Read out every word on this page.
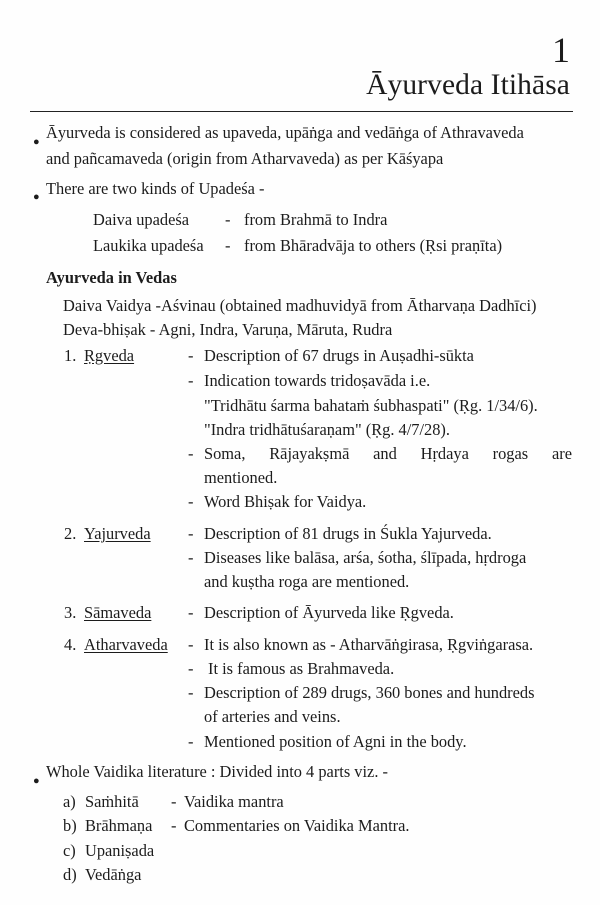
1
Āyurveda Itihāsa
● Āyurveda is considered as upaveda, upāṅga and vedāṅga of Athravaveda
and pañcamaveda (origin from Atharvaveda) as per Kāśyapa
● There are two kinds of Upadeśa -
Daiva upadeśa - from Brahmā to Indra
Laukika upadeśa - from Bhāradvāja to others (Ṛsi praṇīta)
Ayurveda in Vedas
Daiva Vaidya -Aśvinau (obtained madhuvidyā from Ātharvaṇa Dadhīci)
Deva-bhiṣak - Agni, Indra, Varuṇa, Māruta, Rudra
1. Ṛgveda	- Description of 67 drugs in Auṣadhi-sūkta
- Indication towards tridoṣavāda i.e.
"Tridhātu śarma bahataṁ śubhaspati" (Ṛg. 1/34/6).
"Indra tridhātuśaraṇam" (Ṛg. 4/7/28).
- Soma, Rājayakṣmā and Hṛdaya rogas are
mentioned.
- Word Bhiṣak for Vaidya.
2. Yajurveda - Description of 81 drugs in Śukla Yajurveda.
- Diseases like balāsa, arśa, śotha, ślīpada, hṛdroga
and kuṣtha roga are mentioned.
3. Sāmaveda - Description of Āyurveda like Ṛgveda.
4. Atharvaveda - It is also known as - Atharvāṅgirasa, Ṛgviṅgarasa.
- It is famous as Brahmaveda.
- Description of 289 drugs, 360 bones and hundreds
of arteries and veins.
- Mentioned position of Agni in the body.
● Whole Vaidika literature : Divided into 4 parts viz. -
a) Saṁhitā - Vaidika mantra
b) Brāhmaṇa - Commentaries on Vaidika Mantra.
c) Upaniṣada
d) Vedāṅga
